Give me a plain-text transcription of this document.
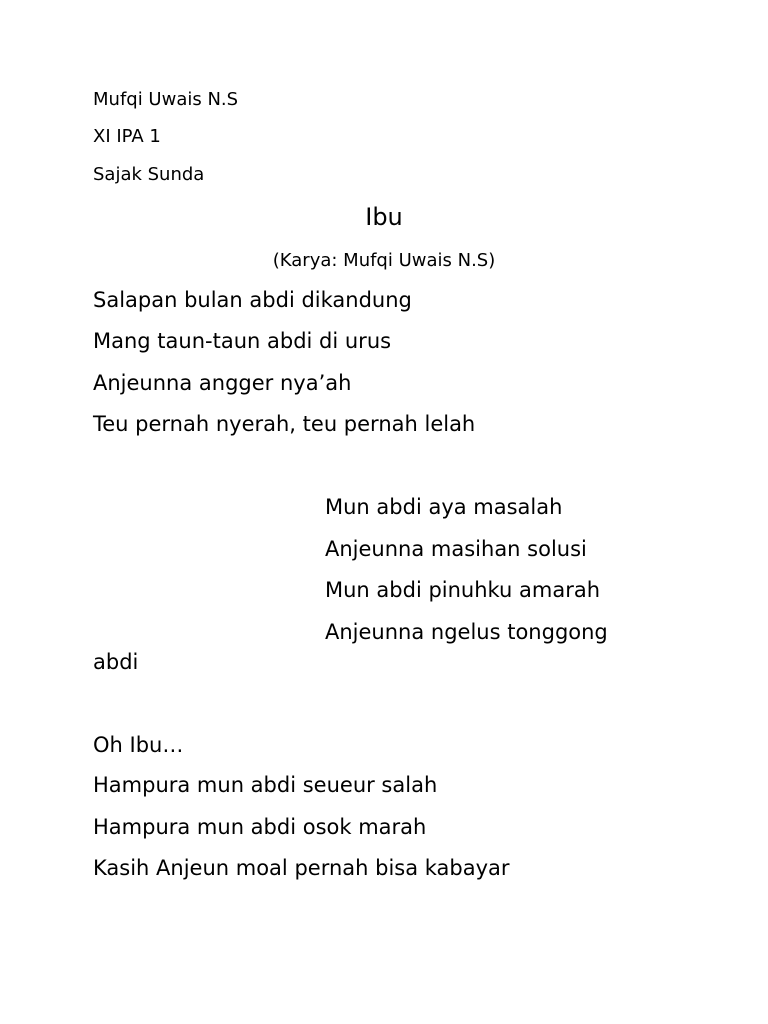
Mufqi Uwais N.S
XI IPA 1
Sajak Sunda
Ibu
(Karya: Mufqi Uwais N.S)
Salapan bulan abdi dikandung
Mang taun-taun abdi di urus
Anjeunna angger nya’ah
Teu pernah nyerah, teu pernah lelah
Mun abdi aya masalah
Anjeunna masihan solusi
Mun abdi pinuhku amarah
Anjeunna ngelus tonggong
abdi
Oh Ibu…
Hampura mun abdi seueur salah
Hampura mun abdi osok marah
Kasih Anjeun moal pernah bisa kabayar
